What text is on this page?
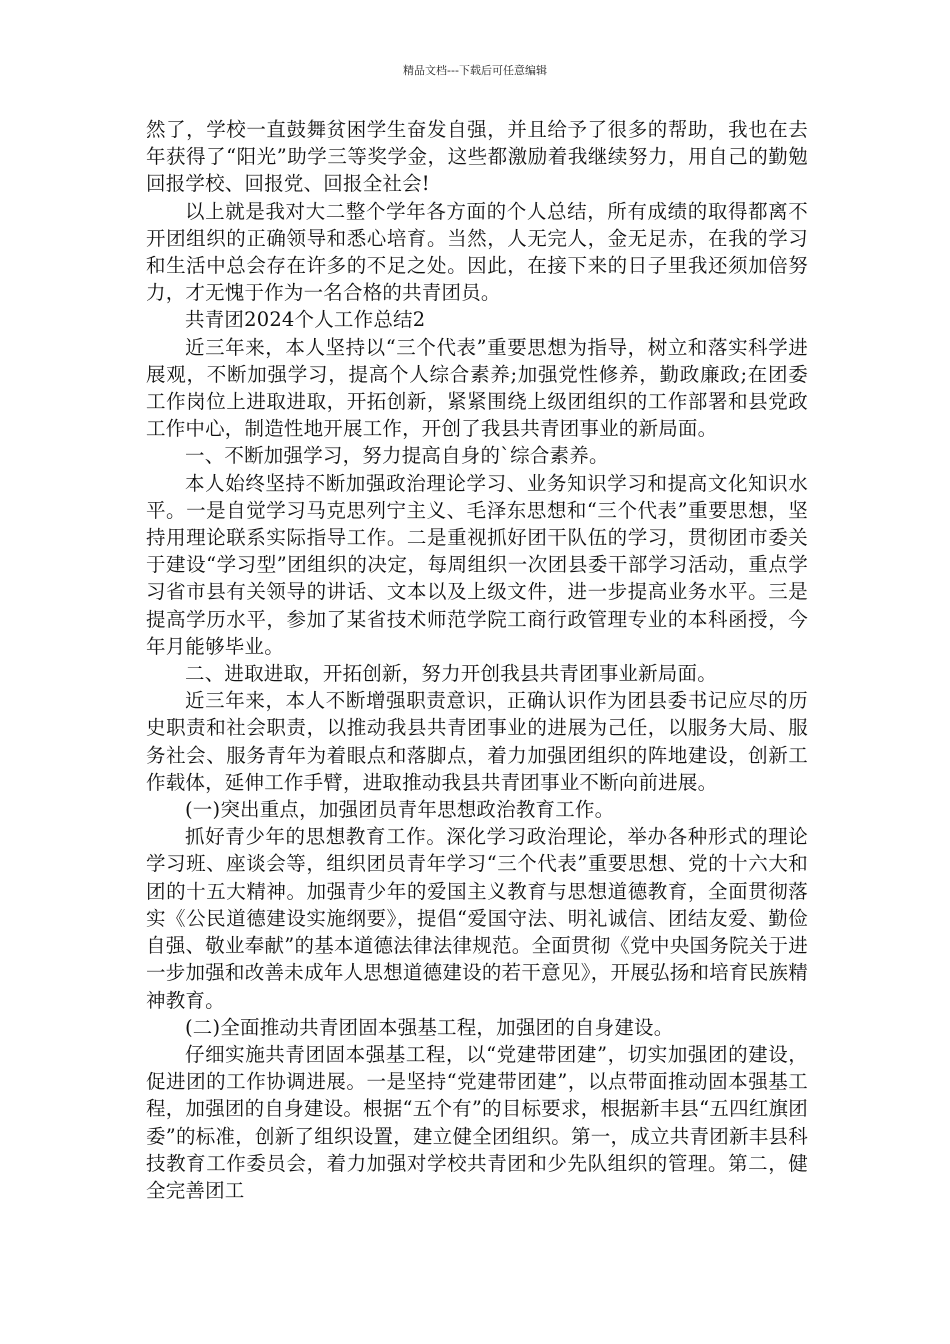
精品文档---下载后可任意编辑

然了，学校一直鼓舞贫困学生奋发自强，并且给予了很多的帮助，我也在去年获得了“阳光”助学三等奖学金，这些都激励着我继续努力，用自己的勤勉回报学校、回报党、回报全社会!

以上就是我对大二整个学年各方面的个人总结，所有成绩的取得都离不开团组织的正确领导和悉心培育。当然，人无完人，金无足赤，在我的学习和生活中总会存在许多的不足之处。因此，在接下来的日子里我还须加倍努力，才无愧于作为一名合格的共青团员。

共青团2024个人工作总结2

近三年来，本人坚持以“三个代表”重要思想为指导，树立和落实科学进展观，不断加强学习，提高个人综合素养;加强党性修养，勤政廉政;在团委工作岗位上进取进取，开拓创新，紧紧围绕上级团组织的工作部署和县党政工作中心，制造性地开展工作，开创了我县共青团事业的新局面。

一、不断加强学习，努力提高自身的`综合素养。

本人始终坚持不断加强政治理论学习、业务知识学习和提高文化知识水平。一是自觉学习马克思列宁主义、毛泽东思想和“三个代表”重要思想，坚持用理论联系实际指导工作。二是重视抓好团干队伍的学习，贯彻团市委关于建设“学习型”团组织的决定，每周组织一次团县委干部学习活动，重点学习省市县有关领导的讲话、文本以及上级文件，进一步提高业务水平。三是提高学历水平，参加了某省技术师范学院工商行政管理专业的本科函授，今年月能够毕业。

二、进取进取，开拓创新，努力开创我县共青团事业新局面。

近三年来，本人不断增强职责意识，正确认识作为团县委书记应尽的历史职责和社会职责，以推动我县共青团事业的进展为己任，以服务大局、服务社会、服务青年为着眼点和落脚点，着力加强团组织的阵地建设，创新工作载体，延伸工作手臂，进取推动我县共青团事业不断向前进展。

(一)突出重点，加强团员青年思想政治教育工作。

抓好青少年的思想教育工作。深化学习政治理论，举办各种形式的理论学习班、座谈会等，组织团员青年学习“三个代表”重要思想、党的十六大和团的十五大精神。加强青少年的爱国主义教育与思想道德教育，全面贯彻落实《公民道德建设实施纲要》，提倡“爱国守法、明礼诚信、团结友爱、勤俭自强、敬业奉献”的基本道德法律法律规范。全面贯彻《党中央国务院关于进一步加强和改善未成年人思想道德建设的若干意见》，开展弘扬和培育民族精神教育。

(二)全面推动共青团固本强基工程，加强团的自身建设。

仔细实施共青团固本强基工程，以“党建带团建”，切实加强团的建设，促进团的工作协调进展。一是坚持“党建带团建”，以点带面推动固本强基工程，加强团的自身建设。根据“五个有”的目标要求，根据新丰县“五四红旗团委”的标准，创新了组织设置，建立健全团组织。第一，成立共青团新丰县科技教育工作委员会，着力加强对学校共青团和少先队组织的管理。第二，健全完善团工
